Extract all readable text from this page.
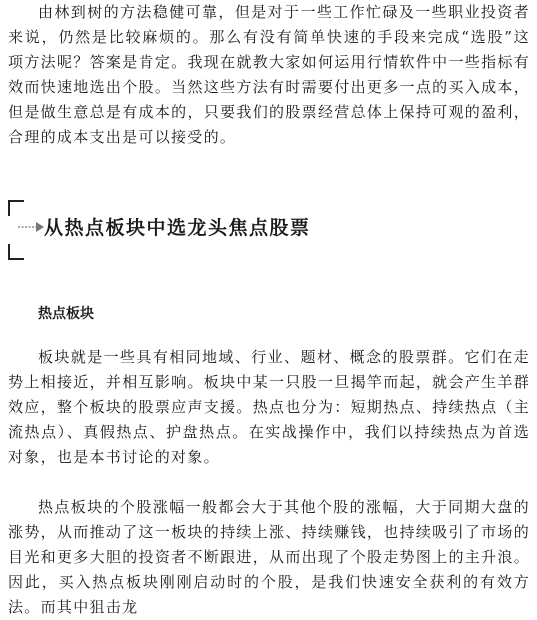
由林到树的方法稳健可靠，但是对于一些工作忙碌及一些职业投资者来说，仍然是比较麻烦的。那么有没有简单快速的手段来完成“选股”这项方法呢？答案是肯定。我现在就教大家如何运用行情软件中一些指标有效而快速地选出个股。当然这些方法有时需要付出更多一点的买入成本，但是做生意总是有成本的，只要我们的股票经营总体上保持可观的盈利，合理的成本支出是可以接受的。

从热点板块中选龙头焦点股票
热点板块

板块就是一些具有相同地域、行业、题材、概念的股票群。它们在走势上相接近，并相互影响。板块中某一只股一旦揭竿而起，就会产生羊群效应，整个板块的股票应声支援。热点也分为：短期热点、持续热点（主流热点）、真假热点、护盘热点。在实战操作中，我们以持续热点为首选对象，也是本书讨论的对象。

热点板块的个股涨幅一般都会大于其他个股的涨幅，大于同期大盘的涨势，从而推动了这一板块的持续上涨、持续赚钱，也持续吸引了市场的目光和更多大胆的投资者不断跟进，从而出现了个股走势图上的主升浪。因此，买入热点板块刚刚启动时的个股，是我们快速安全获利的有效方法。而其中狙击龙
